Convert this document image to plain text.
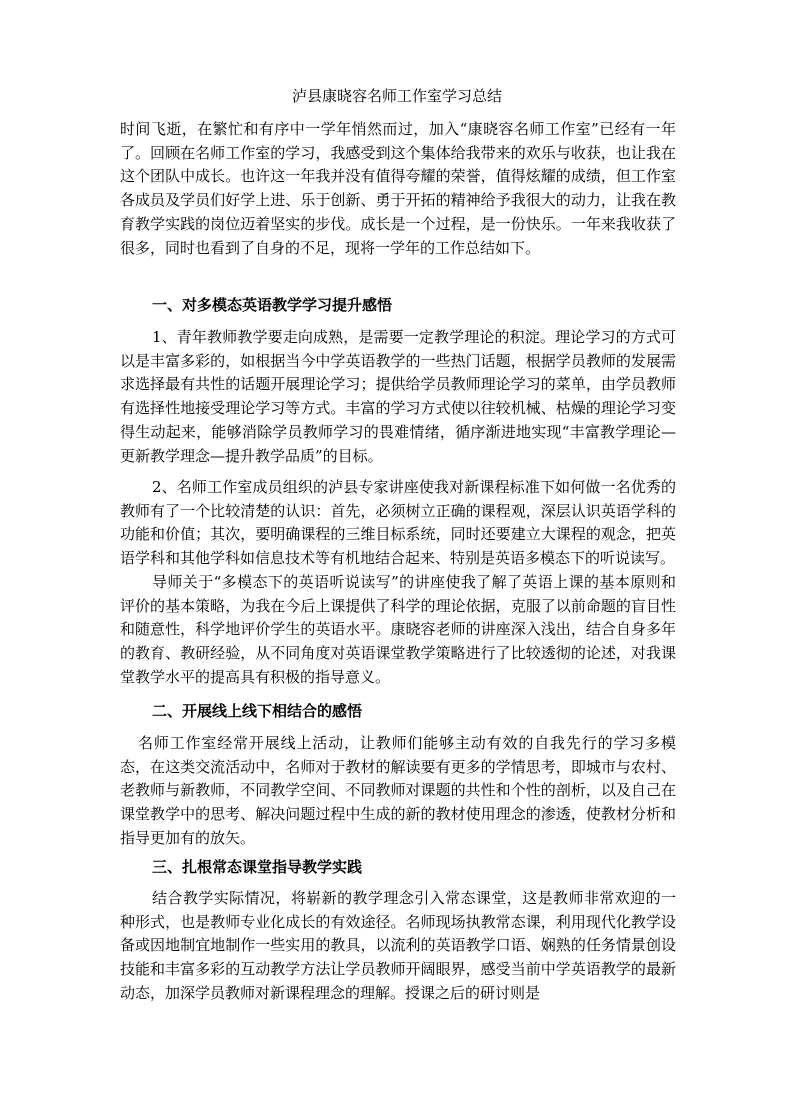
泸县康晓容名师工作室学习总结

时间飞逝，在繁忙和有序中一学年悄然而过，加入“康晓容名师工作室”已经有一年了。回顾在名师工作室的学习，我感受到这个集体给我带来的欢乐与收获，也让我在这个团队中成长。也许这一年我并没有值得夸耀的荣誉，值得炫耀的成绩，但工作室各成员及学员们好学上进、乐于创新、勇于开拓的精神给予我很大的动力，让我在教育教学实践的岗位迈着坚实的步伐。成长是一个过程，是一份快乐。一年来我收获了很多，同时也看到了自身的不足，现将一学年的工作总结如下。

一、对多模态英语教学学习提升感悟

1、青年教师教学要走向成熟，是需要一定教学理论的积淀。理论学习的方式可以是丰富多彩的，如根据当今中学英语教学的一些热门话题，根据学员教师的发展需求选择最有共性的话题开展理论学习；提供给学员教师理论学习的菜单，由学员教师有选择性地接受理论学习等方式。丰富的学习方式使以往较机械、枯燥的理论学习变得生动起来，能够消除学员教师学习的畏难情绪，循序渐进地实现“丰富教学理论—更新教学理念—提升教学品质”的目标。

2、名师工作室成员组织的泸县专家讲座使我对新课程标准下如何做一名优秀的教师有了一个比较清楚的认识：首先，必须树立正确的课程观，深层认识英语学科的功能和价值；其次，要明确课程的三维目标系统，同时还要建立大课程的观念，把英语学科和其他学科如信息技术等有机地结合起来、特别是英语多模态下的听说读写。

导师关于“多模态下的英语听说读写”的讲座使我了解了英语上课的基本原则和评价的基本策略，为我在今后上课提供了科学的理论依据，克服了以前命题的盲目性和随意性，科学地评价学生的英语水平。康晓容老师的讲座深入浅出，结合自身多年的教育、教研经验，从不同角度对英语课堂教学策略进行了比较透彻的论述，对我课堂教学水平的提高具有积极的指导意义。

二、开展线上线下相结合的感悟

名师工作室经常开展线上活动，让教师们能够主动有效的自我先行的学习多模态，在这类交流活动中，名师对于教材的解读要有更多的学情思考，即城市与农村、老教师与新教师，不同教学空间、不同教师对课题的共性和个性的剖析，以及自己在课堂教学中的思考、解决问题过程中生成的新的教材使用理念的渗透，使教材分析和指导更加有的放矢。

三、扎根常态课堂指导教学实践

结合教学实际情况，将崭新的教学理念引入常态课堂，这是教师非常欢迎的一种形式，也是教师专业化成长的有效途径。名师现场执教常态课，利用现代化教学设备或因地制宜地制作一些实用的教具，以流利的英语教学口语、娴熟的任务情景创设技能和丰富多彩的互动教学方法让学员教师开阔眼界，感受当前中学英语教学的最新动态，加深学员教师对新课程理念的理解。授课之后的研讨则是
